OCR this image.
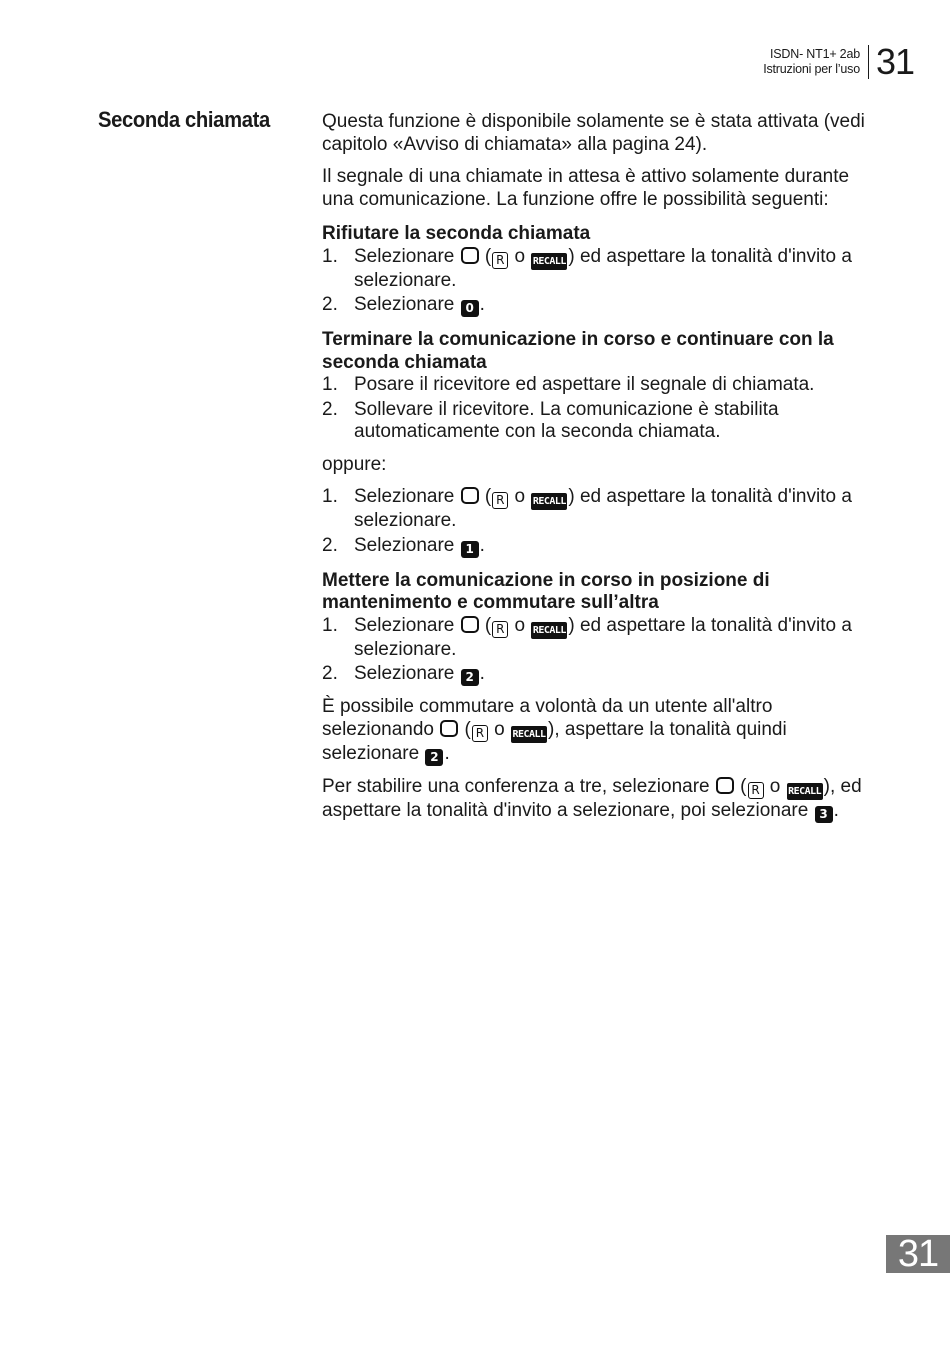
ISDN- NT1+ 2ab
Istruzioni per l’uso 31
Seconda chiamata	Questa funzione è disponibile solamente se è stata attivata (vedi capitolo «Avviso di chiamata» alla pagina 24).

Il segnale di una chiamate in attesa è attivo solamente durante una comunicazione. La funzione offre le possibilità seguenti:

Rifiutare la seconda chiamata
1. Selezionare ( R o RECALL ) ed aspettare la tonalità d'invito a selezionare.
2. Selezionare 0 .
Terminare la comunicazione in corso e continuare con la seconda chiamata
1. Posare il ricevitore ed aspettare il segnale di chiamata.
2. Sollevare il ricevitore. La comunicazione è stabilita automaticamente con la seconda chiamata.

oppure:

1. Selezionare ( R o RECALL ) ed aspettare la tonalità d'invito a selezionare.
2. Selezionare 1 .
Mettere la comunicazione in corso in posizione di mantenimento e commutare sull’altra
1. Selezionare ( R o RECALL ) ed aspettare la tonalità d'invito a selezionare.
2. Selezionare 2 .

È possibile commutare a volontà da un utente all'altro selezionando ( R o RECALL ), aspettare la tonalità quindi selezionare 2 .

Per stabilire una conferenza a tre, selezionare ( R o RECALL ), ed aspettare la tonalità d'invito a selezionare, poi selezionare 3 .

31
